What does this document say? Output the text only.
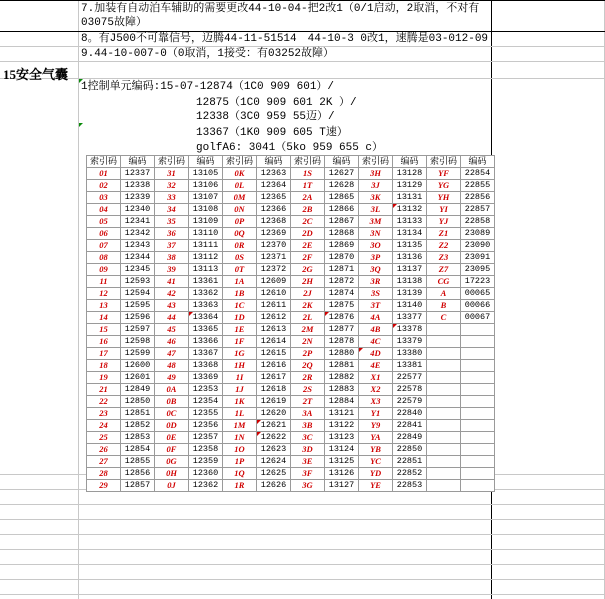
7.加装有自动泊车辅助的需要更改44-10-04-把2改1（0/1启动，2取消，不对有
03075故障）
8。有J500不可靠信号，迈腾44-11-51514　44-10-3 0改1，速腾是03-012-09
9.44-10-007-0（0取消，1接受：有03252故障）
15安全气囊
1控制单元编码:15-07-12874（1C0 909 601）/
12875（1C0 909 601 2K ）/
12338（3C0 959 55迈）/
13367（1K0 909 605 T速）
golfA6: 3041（5ko 959 655 c）
索引码	编码	索引码	编码	索引码	编码	索引码	编码	索引码	编码	索引码	编码
01	12337	31	13105	0K	12363	1S	12627	3H	13128	YF	22854
02	12338	32	13106	0L	12364	1T	12628	3J	13129	YG	22855
03	12339	33	13107	0M	12365	2A	12865	3K	13131	YH	22856
04	12340	34	13108	0N	12366	2B	12866	3L	13132	YI	22857
05	12341	35	13109	0P	12368	2C	12867	3M	13133	YJ	22858
06	12342	36	13110	0Q	12369	2D	12868	3N	13134	Z1	23089
07	12343	37	13111	0R	12370	2E	12869	3O	13135	Z2	23090
08	12344	38	13112	0S	12371	2F	12870	3P	13136	Z3	23091
09	12345	39	13113	0T	12372	2G	12871	3Q	13137	Z7	23095
11	12593	41	13361	1A	12609	2H	12872	3R	13138	CG	17223
12	12594	42	13362	1B	12610	2J	12874	3S	13139	A	00065
13	12595	43	13363	1C	12611	2K	12875	3T	13140	B	00066
14	12596	44	13364	1D	12612	2L	12876	4A	13377	C	00067
15	12597	45	13365	1E	12613	2M	12877	4B	13378		
16	12598	46	13366	1F	12614	2N	12878	4C	13379		
17	12599	47	13367	1G	12615	2P	12880	4D	13380		
18	12600	48	13368	1H	12616	2Q	12881	4E	13381		
19	12601	49	13369	1I	12617	2R	12882	X1	22577		
21	12849	0A	12353	1J	12618	2S	12883	X2	22578		
22	12850	0B	12354	1K	12619	2T	12884	X3	22579		
23	12851	0C	12355	1L	12620	3A	13121	Y1	22840		
24	12852	0D	12356	1M	12621	3B	13122	Y9	22841		
25	12853	0E	12357	1N	12622	3C	13123	YA	22849		
26	12854	0F	12358	1O	12623	3D	13124	YB	22850		
27	12855	0G	12359	1P	12624	3E	13125	YC	22851		
28	12856	0H	12360	1Q	12625	3F	13126	YD	22852		
29	12857	0J	12362	1R	12626	3G	13127	YE	22853		
